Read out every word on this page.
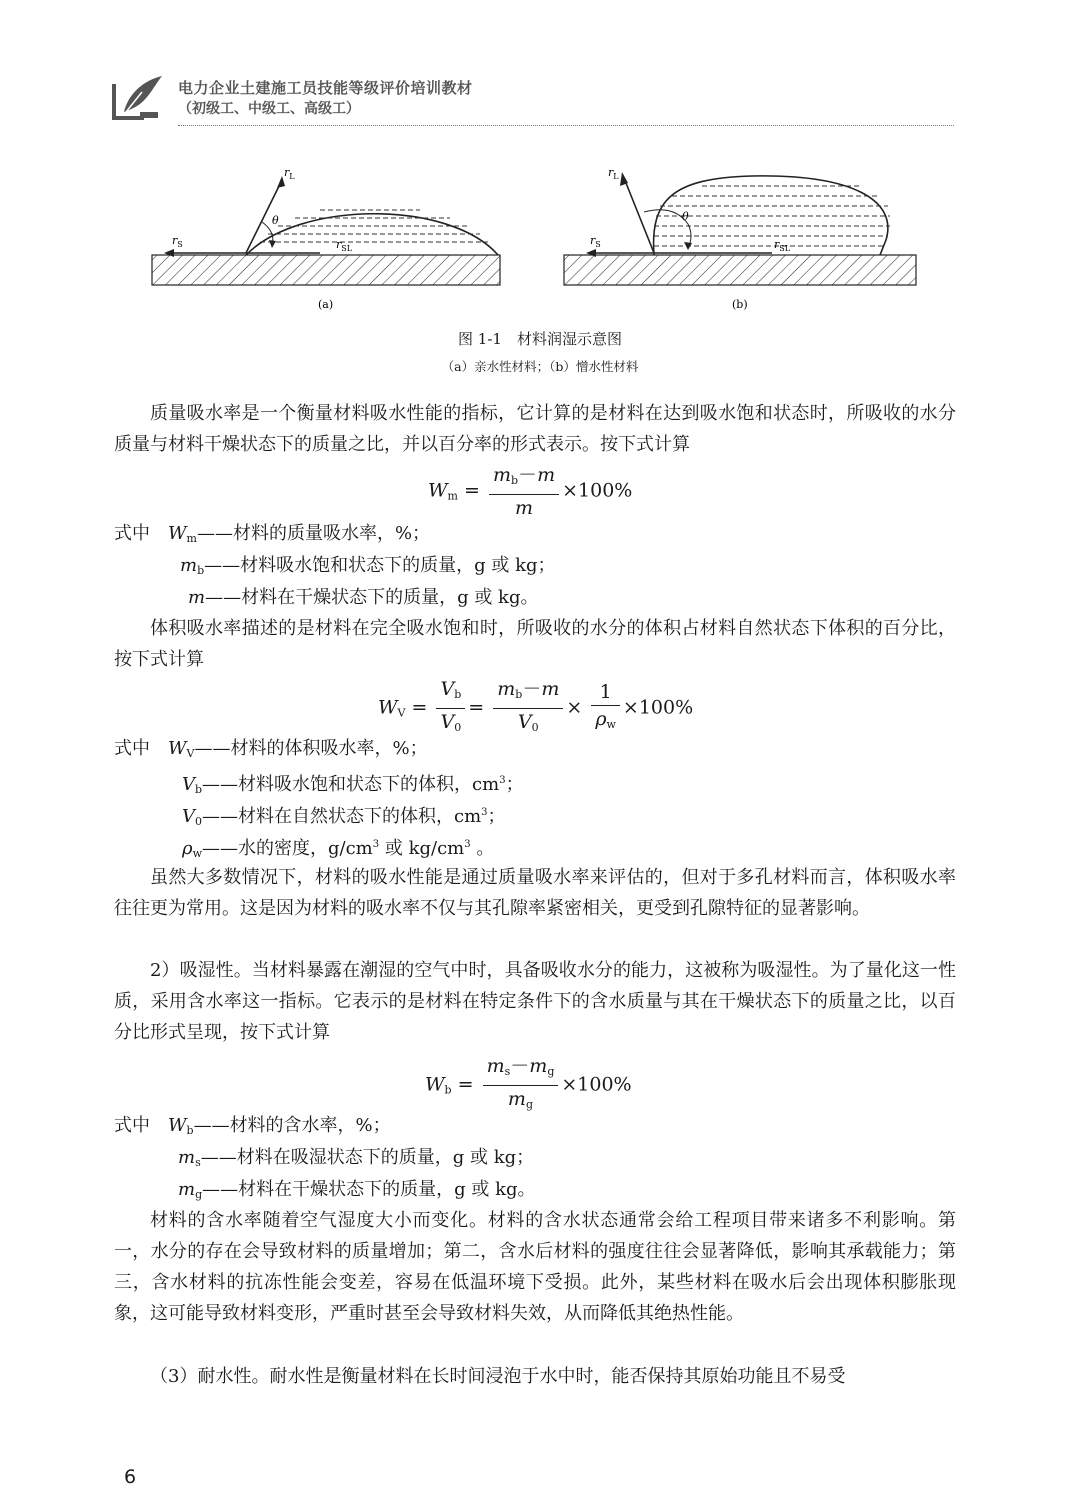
电力企业土建施工员技能等级评价培训教材
（初级工、中级工、高级工）
$r_L$
θ
$r_S$	$r_{SL}$
(a)
$r_L$
θ
$r_S$	$r_{SL}$
(b)
图 1-1　材料润湿示意图
（a）亲水性材料；（b）憎水性材料
质量吸水率是一个衡量材料吸水性能的指标，它计算的是材料在达到吸水饱和状态时，所吸收的水分质量与材料干燥状态下的质量之比，并以百分率的形式表示。按下式计算
$W_m = \frac{m_b-m}{m} \times 100\%$
式中　 $W_m——$材料的质量吸水率，%；
$m_b——$材料吸水饱和状态下的质量，g 或 kg；
m——材料在干燥状态下的质量，g 或 kg。
体积吸水率描述的是材料在完全吸水饱和时，所吸收的水分的体积占材料自然状态下体积的百分比，按下式计算
$W_V = \frac{V_b}{V_0} = \frac{m_b-m}{V_0} \times \frac{1}{\rho_w} \times 100\%$
式中　 $W_V——$材料的体积吸水率，%；
$V_b——$材料吸水饱和状态下的体积，$cm^3$；
$V_0——$材料在自然状态下的体积，$cm^3$；
$\rho_w——$水的密度，$g/cm^3$ 或 $kg/cm^3$ 。
虽然大多数情况下，材料的吸水性能是通过质量吸水率来评估的，但对于多孔材料而言，体积吸水率往往更为常用。这是因为材料的吸水率不仅与其孔隙率紧密相关，更受到孔隙特征的显著影响。
2）吸湿性。当材料暴露在潮湿的空气中时，具备吸收水分的能力，这被称为吸湿性。为了量化这一性质，采用含水率这一指标。它表示的是材料在特定条件下的含水质量与其在干燥状态下的质量之比，以百分比形式呈现，按下式计算
$W_b = \frac{m_s-m_g}{m_g} \times 100\%$
式中　 $W_b——$材料的含水率，%；
$m_s——$材料在吸湿状态下的质量，g 或 kg；
$m_g——$材料在干燥状态下的质量，g 或 kg。
材料的含水率随着空气湿度大小而变化。材料的含水状态通常会给工程项目带来诸多不利影响。第一，水分的存在会导致材料的质量增加；第二，含水后材料的强度往往会显著降低，影响其承载能力；第三，含水材料的抗冻性能会变差，容易在低温环境下受损。此外，某些材料在吸水后会出现体积膨胀现象，这可能导致材料变形，严重时甚至会导致材料失效，从而降低其绝热性能。
（3）耐水性。耐水性是衡量材料在长时间浸泡于水中时，能否保持其原始功能且不易受
6
